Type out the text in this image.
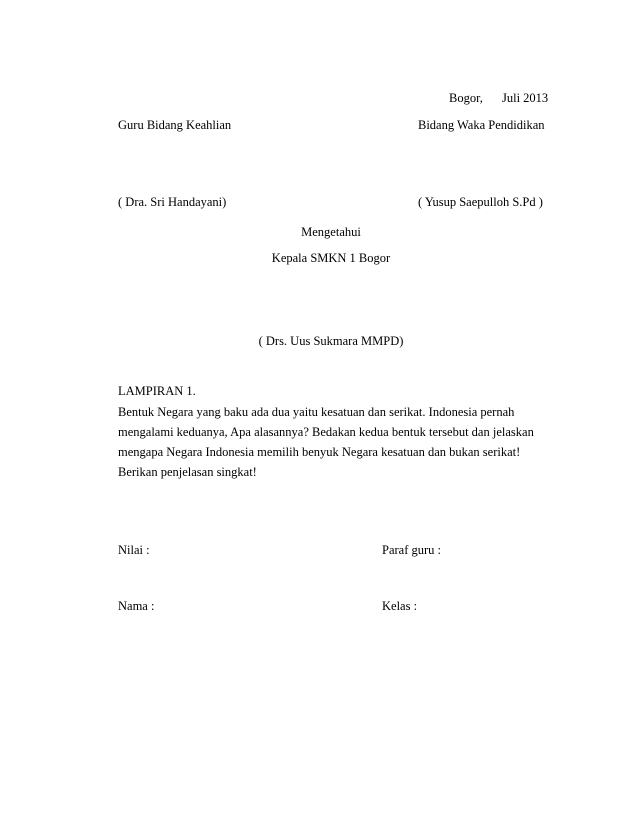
Bogor, Juli 2013
Guru Bidang Keahlian	Bidang Waka Pendidikan
( Dra. Sri Handayani)	( Yusup Saepulloh S.Pd )
Mengetahui
Kepala SMKN 1 Bogor
( Drs. Uus Sukmara MMPD)
LAMPIRAN 1.
Bentuk Negara yang baku ada dua yaitu kesatuan dan serikat. Indonesia pernah
mengalami keduanya, Apa alasannya? Bedakan kedua bentuk tersebut dan jelaskan
mengapa Negara Indonesia memilih benyuk Negara kesatuan dan bukan serikat!
Berikan penjelasan singkat!
Nilai :	Paraf guru :
Nama :	Kelas :
